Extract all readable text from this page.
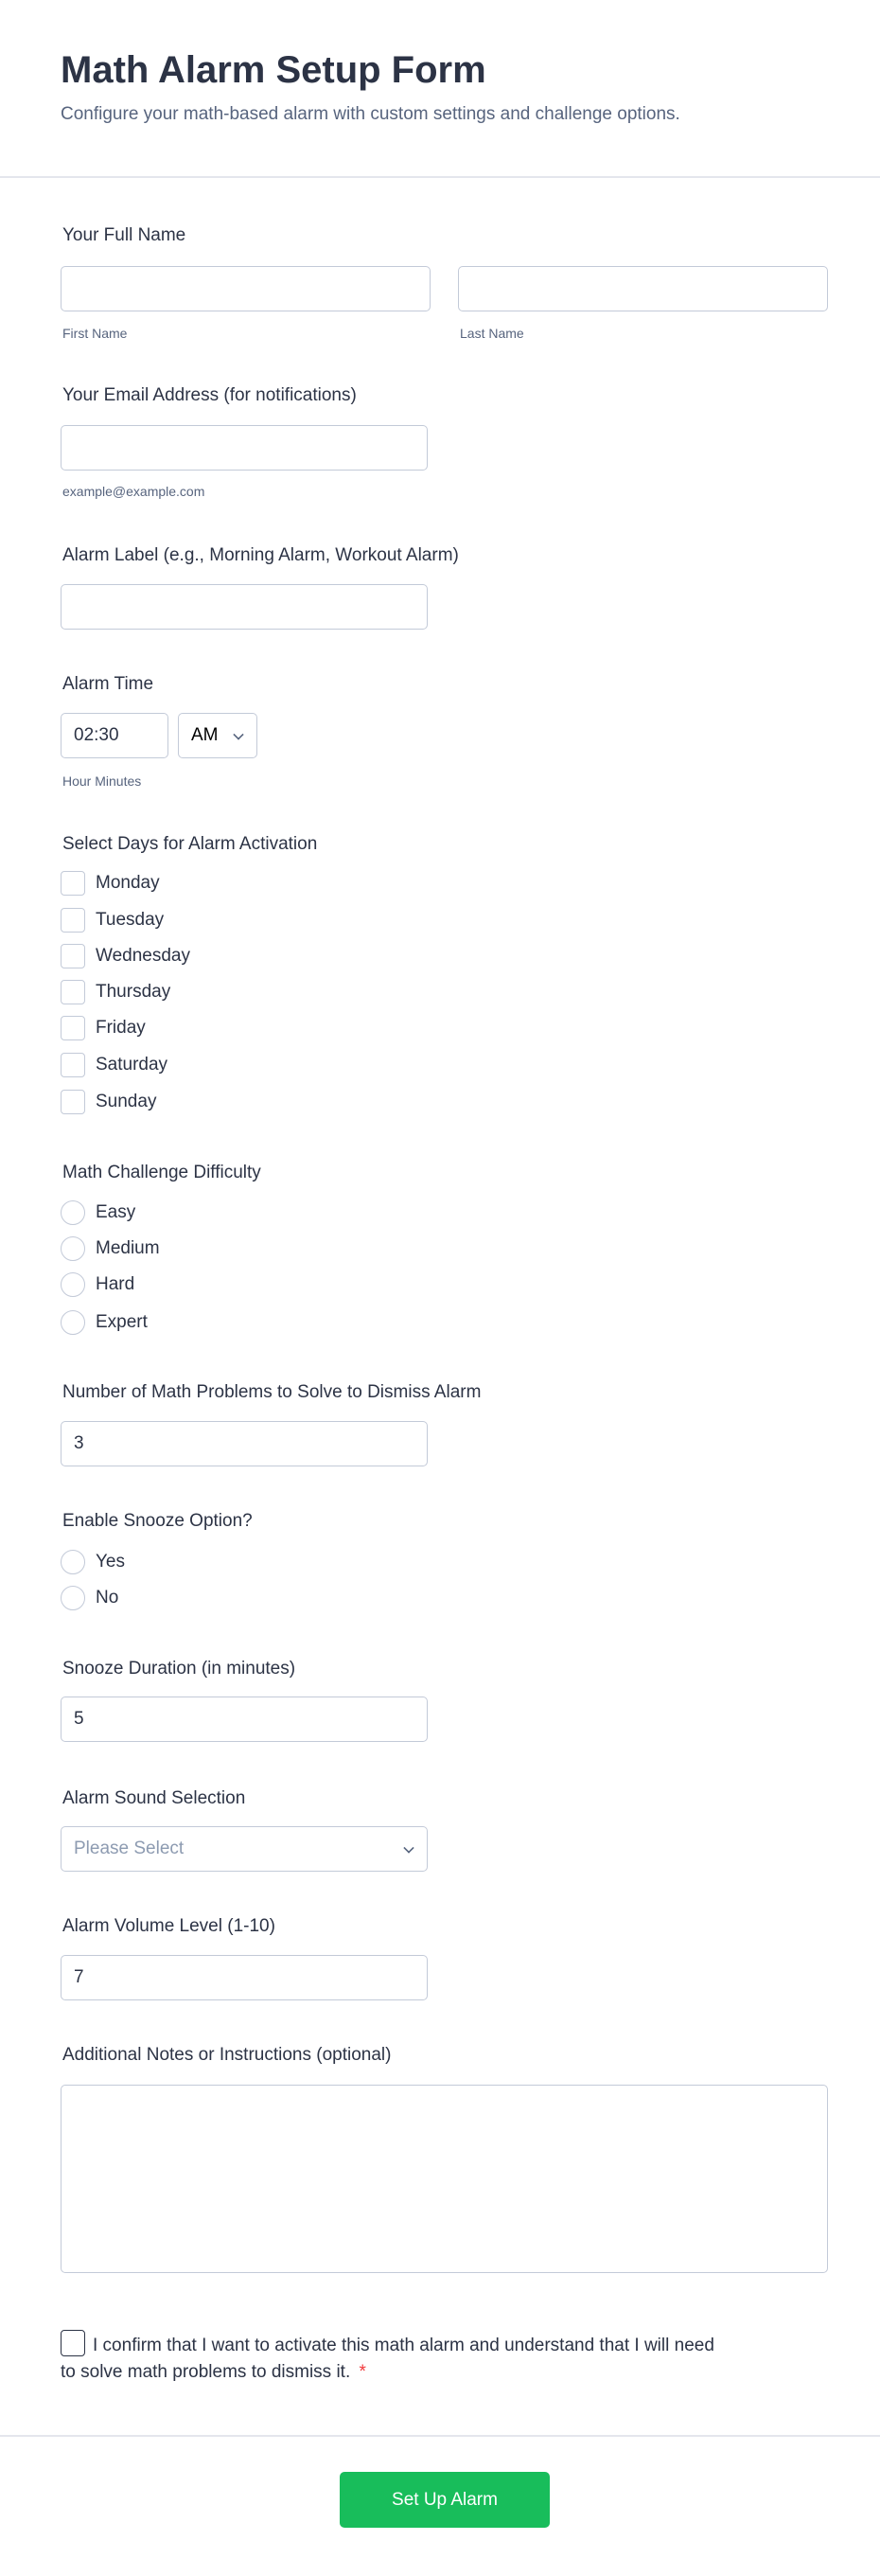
Math Alarm Setup Form
Configure your math-based alarm with custom settings and challenge options.
Your Full Name
First Name	Last Name
Your Email Address (for notifications)
example@example.com
Alarm Label (e.g., Morning Alarm, Workout Alarm)
Alarm Time
02:30	AM
Hour Minutes
Select Days for Alarm Activation
Monday
Tuesday
Wednesday
Thursday
Friday
Saturday
Sunday
Math Challenge Difficulty
Easy
Medium
Hard
Expert
Number of Math Problems to Solve to Dismiss Alarm
3
Enable Snooze Option?
Yes
No
Snooze Duration (in minutes)
5
Alarm Sound Selection
Please Select
Alarm Volume Level (1-10)
7
Additional Notes or Instructions (optional)
I confirm that I want to activate this math alarm and understand that I will need to solve math problems to dismiss it. *
Set Up Alarm
